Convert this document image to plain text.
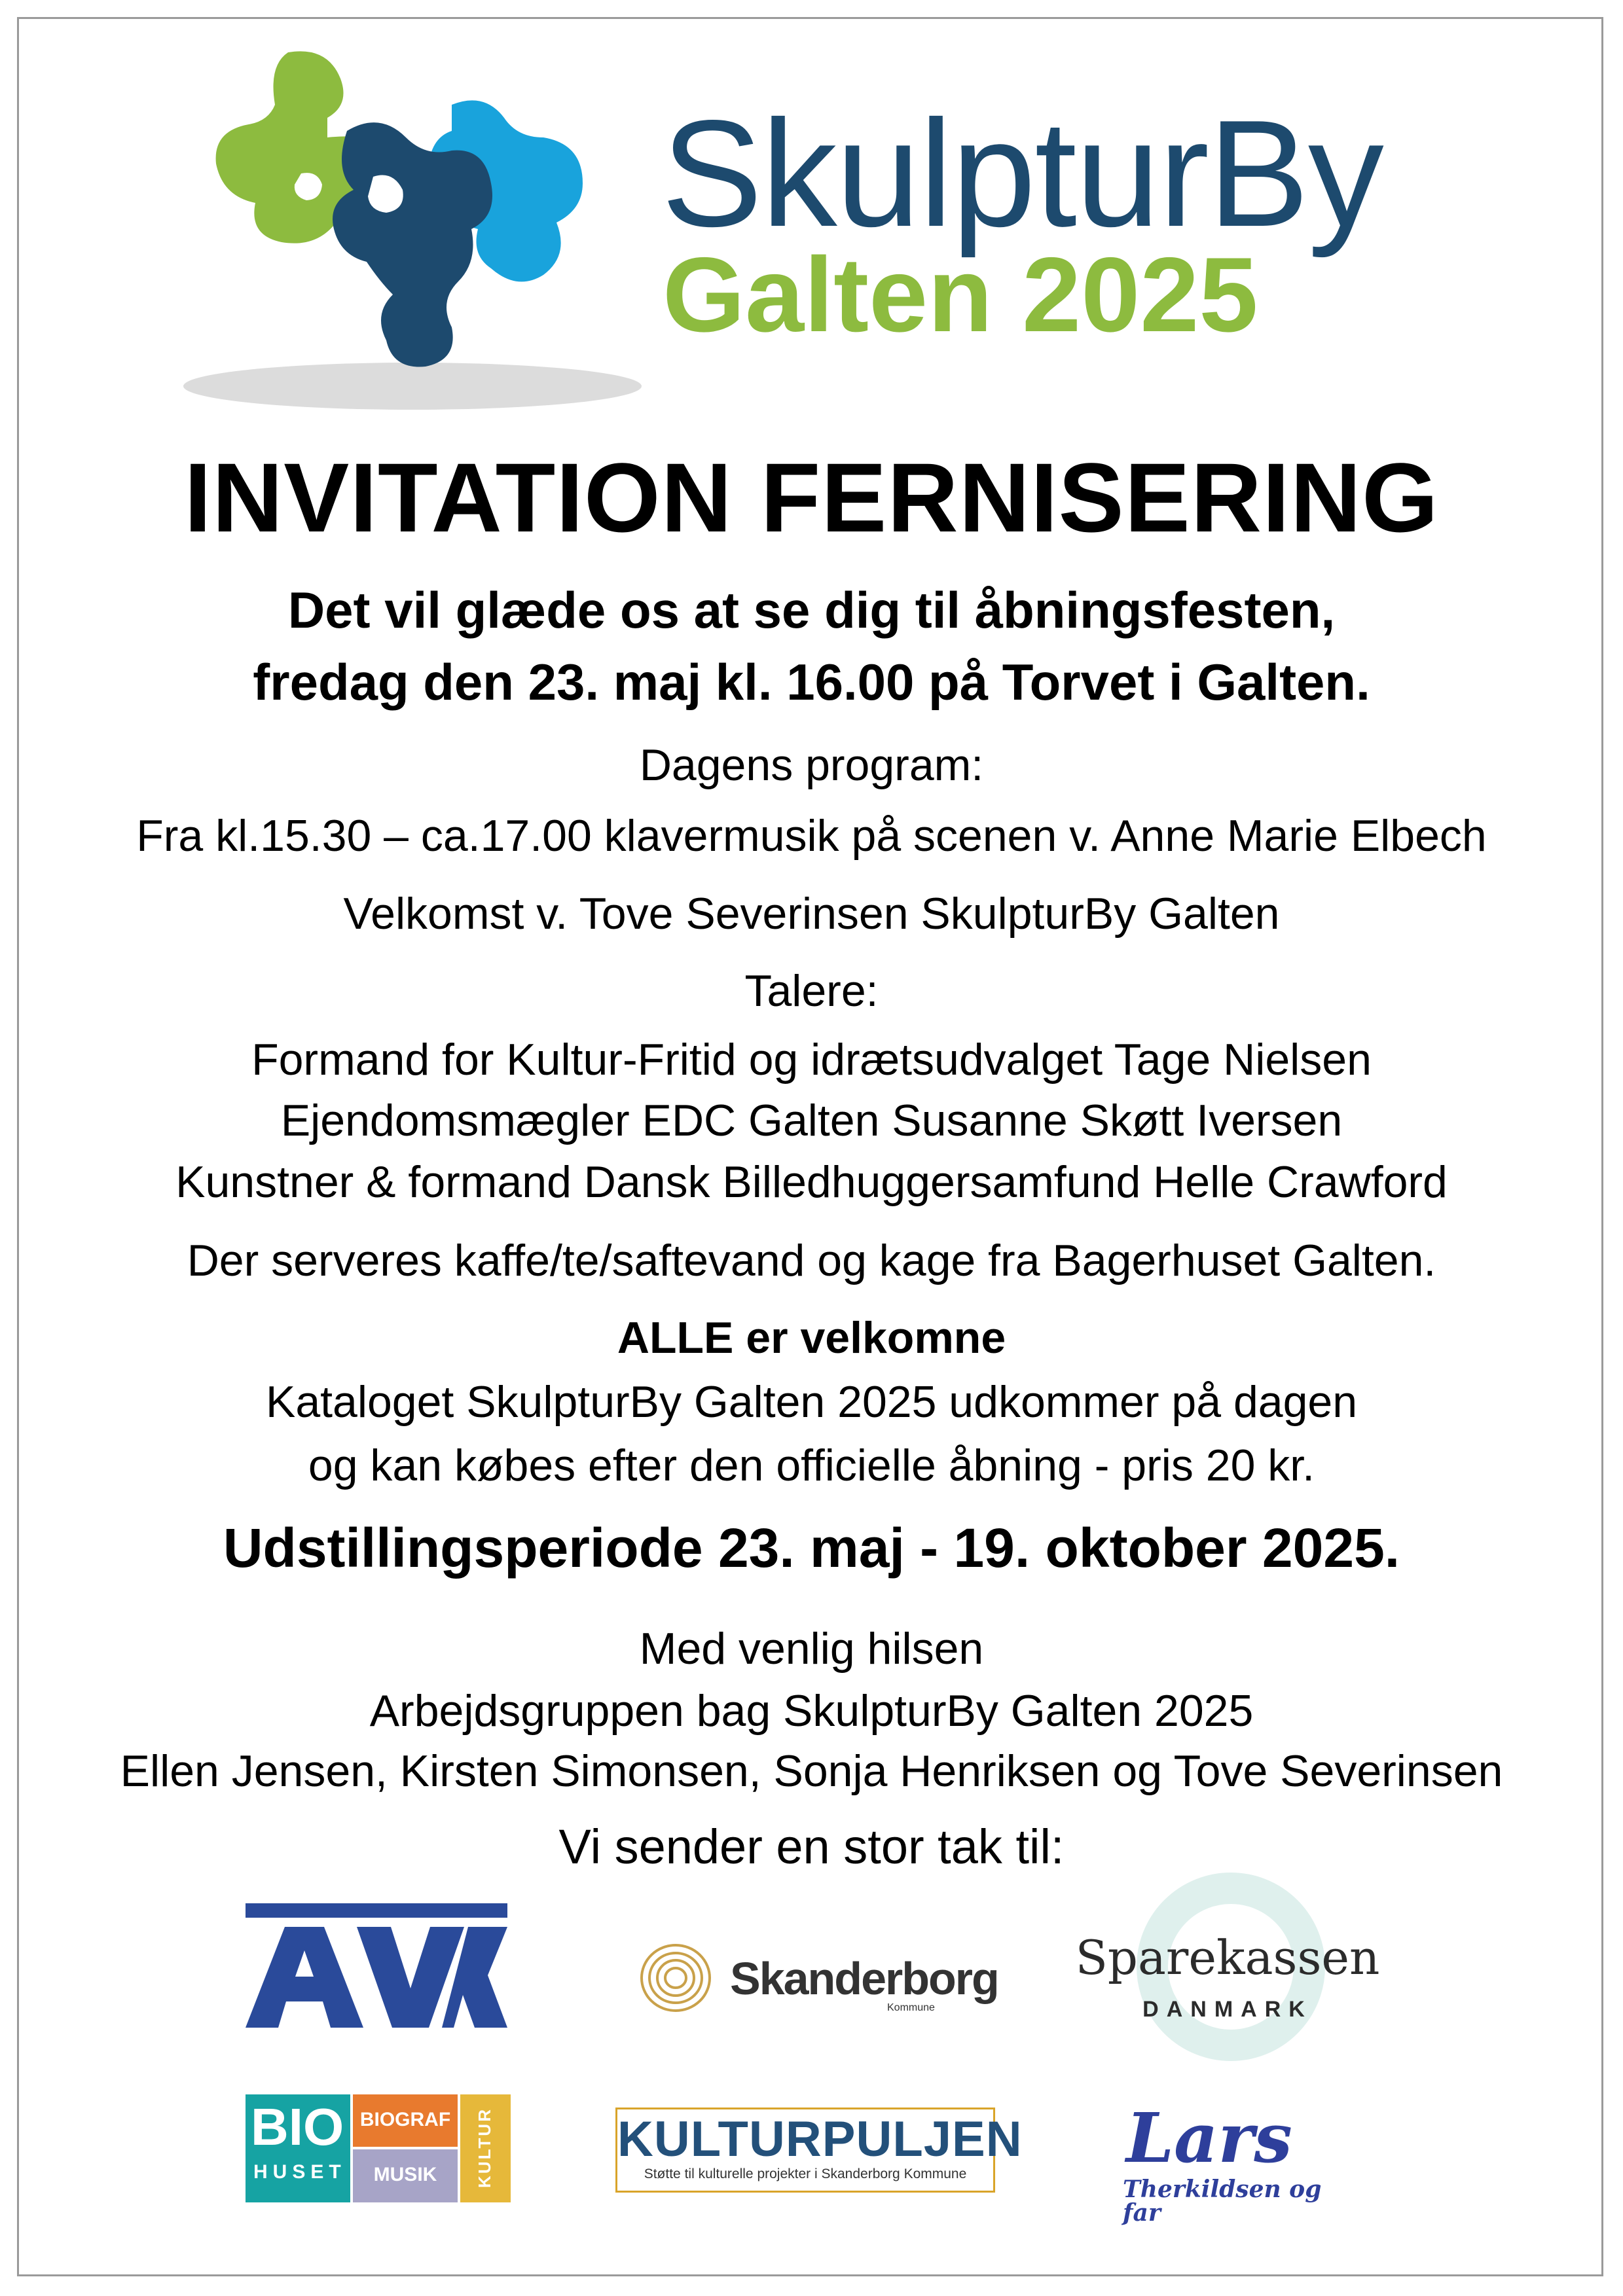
SkulpturBy
Galten 2025
INVITATION FERNISERING
Det vil glæde os at se dig til åbningsfesten,
fredag den 23. maj kl. 16.00 på Torvet i Galten.
Dagens program:
Fra kl.15.30 – ca.17.00 klavermusik på scenen v. Anne Marie Elbech
Velkomst v. Tove Severinsen SkulpturBy Galten
Talere:
Formand for Kultur-Fritid og idrætsudvalget Tage Nielsen
Ejendomsmægler EDC Galten Susanne Skøtt Iversen
Kunstner & formand Dansk Billedhuggersamfund Helle Crawford
Der serveres kaffe/te/saftevand og kage fra Bagerhuset Galten.
ALLE er velkomne
Kataloget SkulpturBy Galten 2025 udkommer på dagen
og kan købes efter den officielle åbning - pris 20 kr.
Udstillingsperiode 23. maj - 19. oktober 2025.
Med venlig hilsen
Arbejdsgruppen bag SkulpturBy Galten 2025
Ellen Jensen, Kirsten Simonsen, Sonja Henriksen og Tove Severinsen
Vi sender en stor tak til:
Skanderborg
Kommune
Sparekassen
DANMARK
BIO
HUSET
BIOGRAF
MUSIK	KULTUR KULTURPULJEN
Støtte til kulturelle projekter i Skanderborg Kommune	Lars
Therkildsen og far
